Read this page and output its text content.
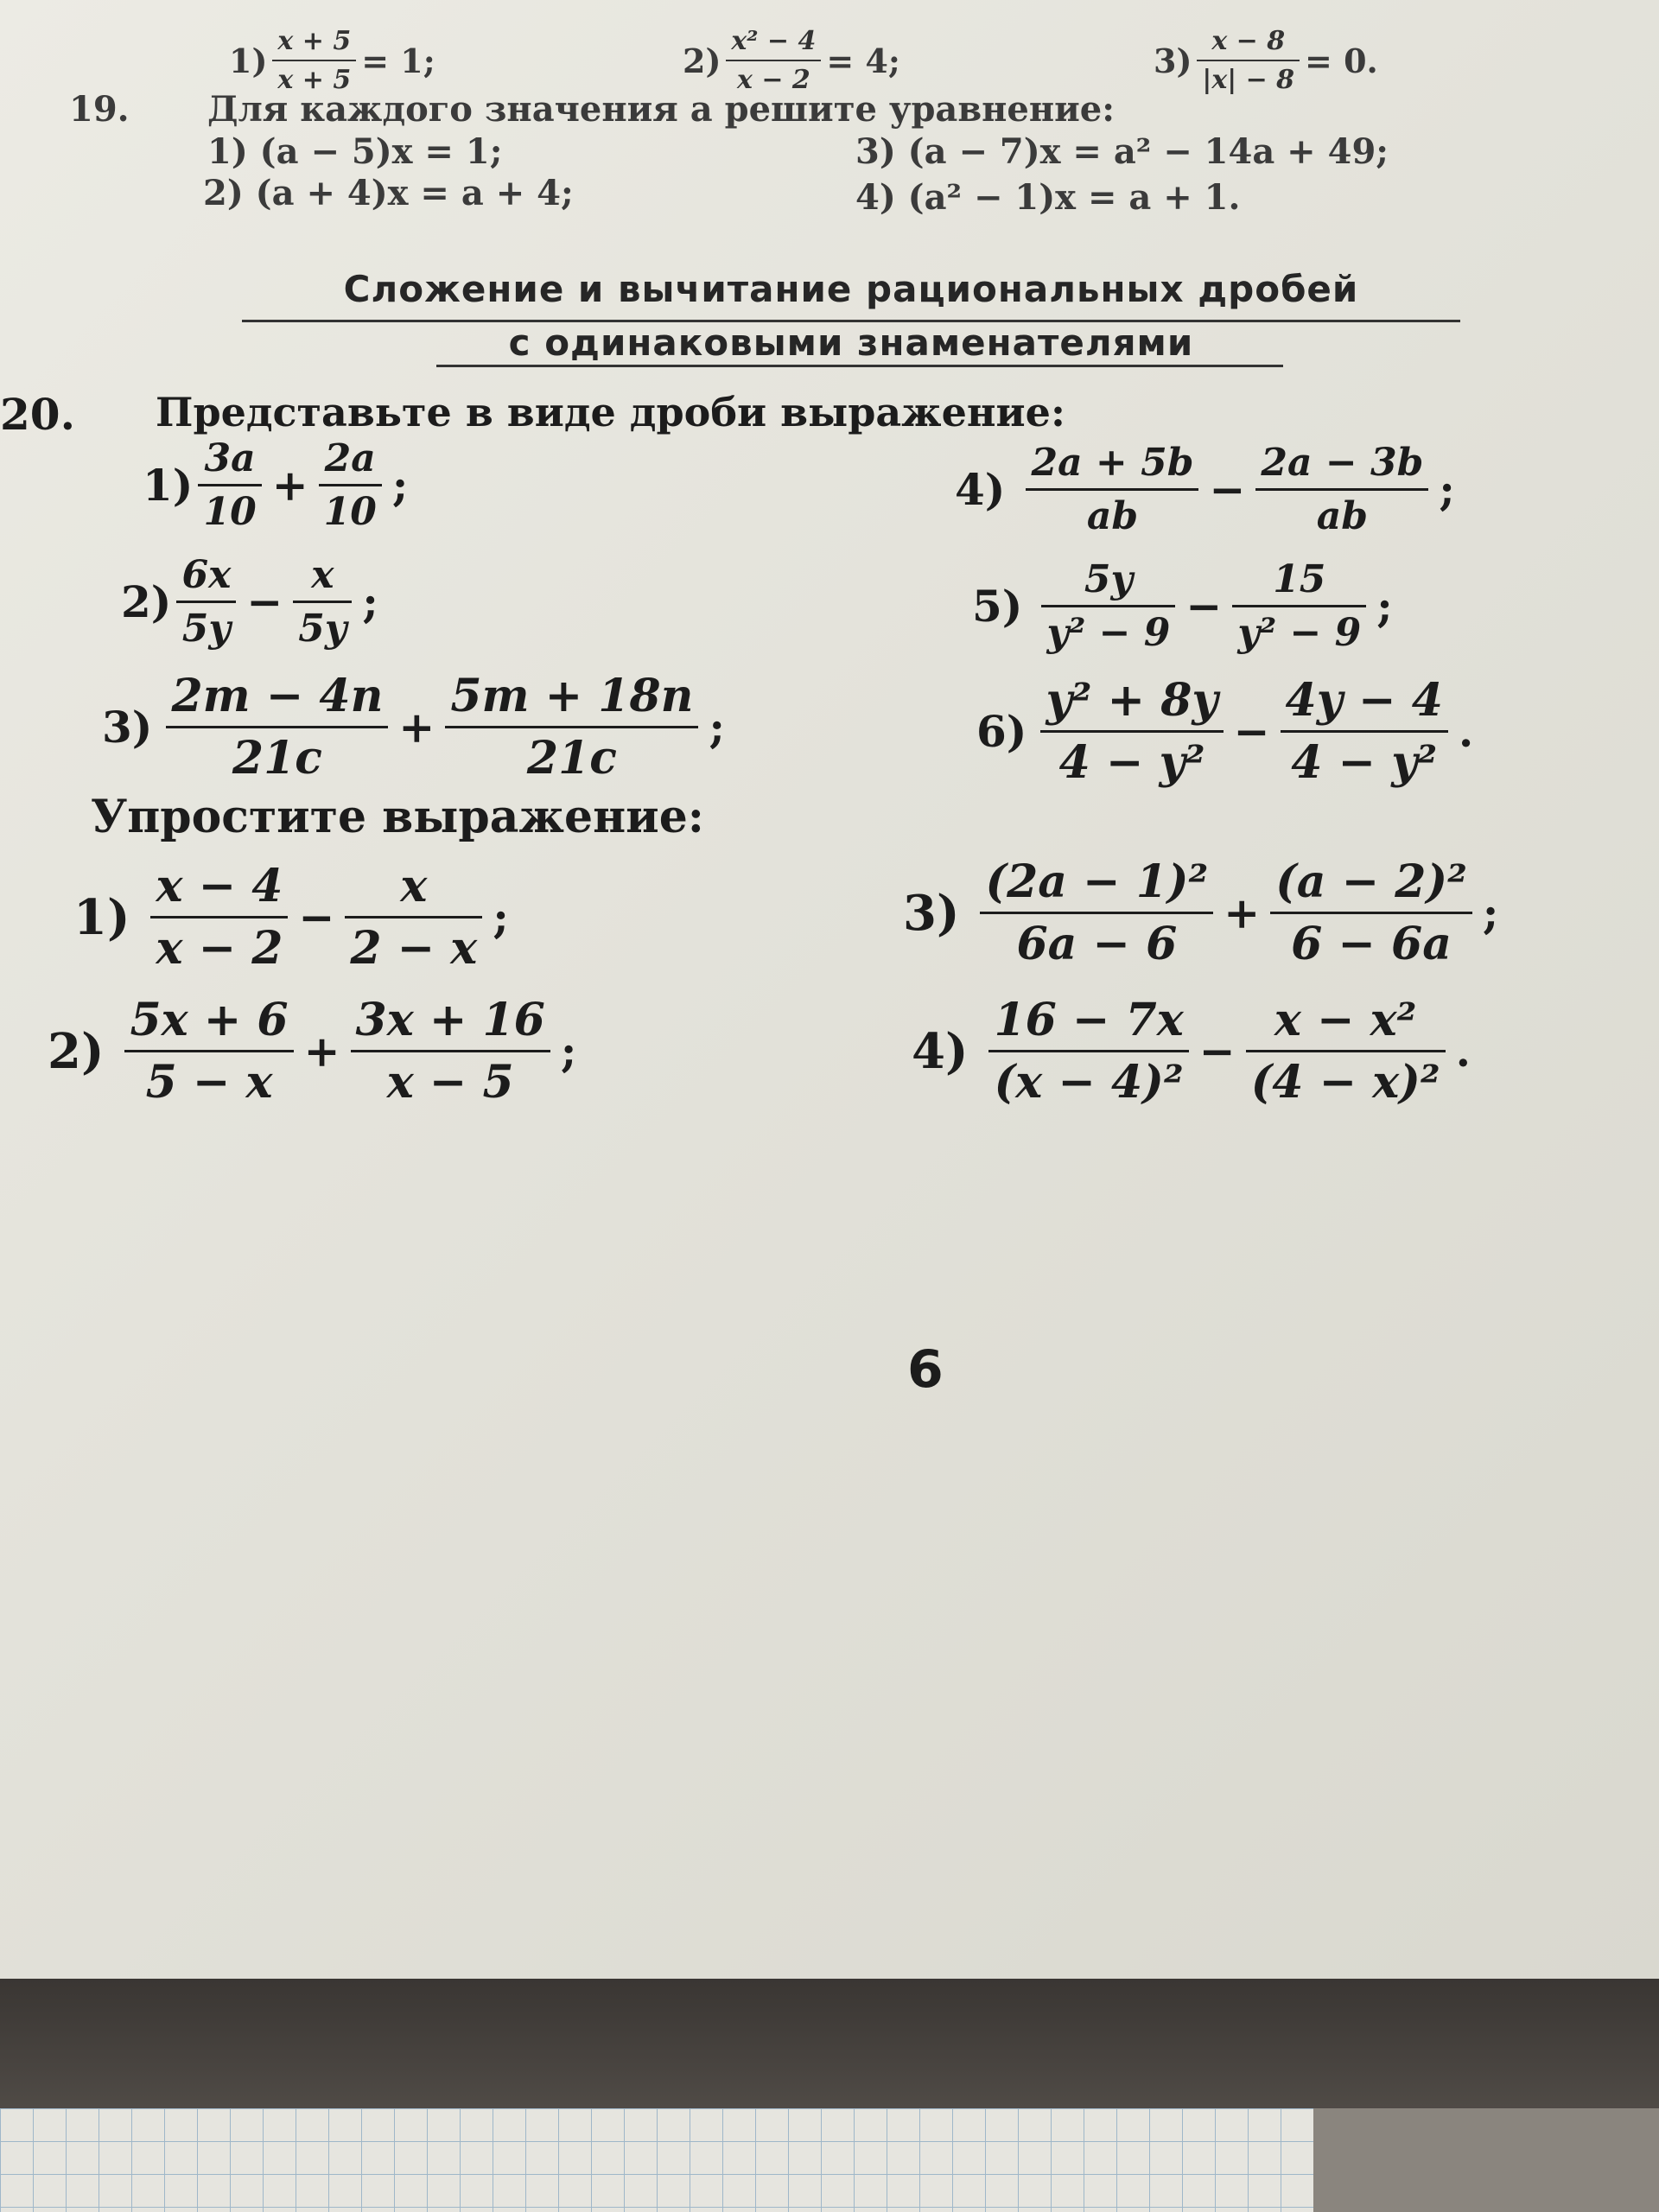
$1) \frac{x + 5}{x + 5} = 1$;	$2) \frac{\text{x² − 4}}{x - 2} = 4$;	$3) \frac{x - 8}{|x| - 8} = 0$.
19. Для каждого значения a решите уравнение:
1) (a − 5)x = 1;	3) (a − 7)x = a² − 14a + 49;
2) (a + 4)x = a + 4;	4) (a² − 1)x = a + 1.
Сложение и вычитание рациональных дробей
с одинаковыми знаменателями
20. Представьте в виде дроби выражение:
$1) \frac{3a}{10} + \frac{2a}{10}$ ;	$4) \frac{2a + 5b}{ab} - \frac{2a - 3b}{ab}$ ;
$2) \frac{6x}{5y} - \frac{x}{5y}$ ;	$5) \frac{5y}{\text{y² − 9}} - \frac{15}{\text{y² − 9}}$ ;
$3) \frac{2m - 4n}{21c} + \frac{5m + 18n}{21c}$ ;	$6) \frac{\text{y² + 8y}}{\text{4 − y²}} - \frac{4y - 4}{\text{4 − y²}}$ .
Упростите выражение:
$1) \frac{x - 4}{x - 2} - \frac{x}{2 - x}$ ;	$3) \frac{\text{(2a − 1)²}}{6a - 6} + \frac{\text{(a − 2)²}}{6 - 6a}$ ;
$2) \frac{5x + 6}{5 - x} + \frac{3x + 16}{x - 5}$ ;	$4) \frac{16 - 7x}{\text{(x − 4)²}} - \frac{\text{x − x²}}{\text{(4 − x)²}}$ .
6
